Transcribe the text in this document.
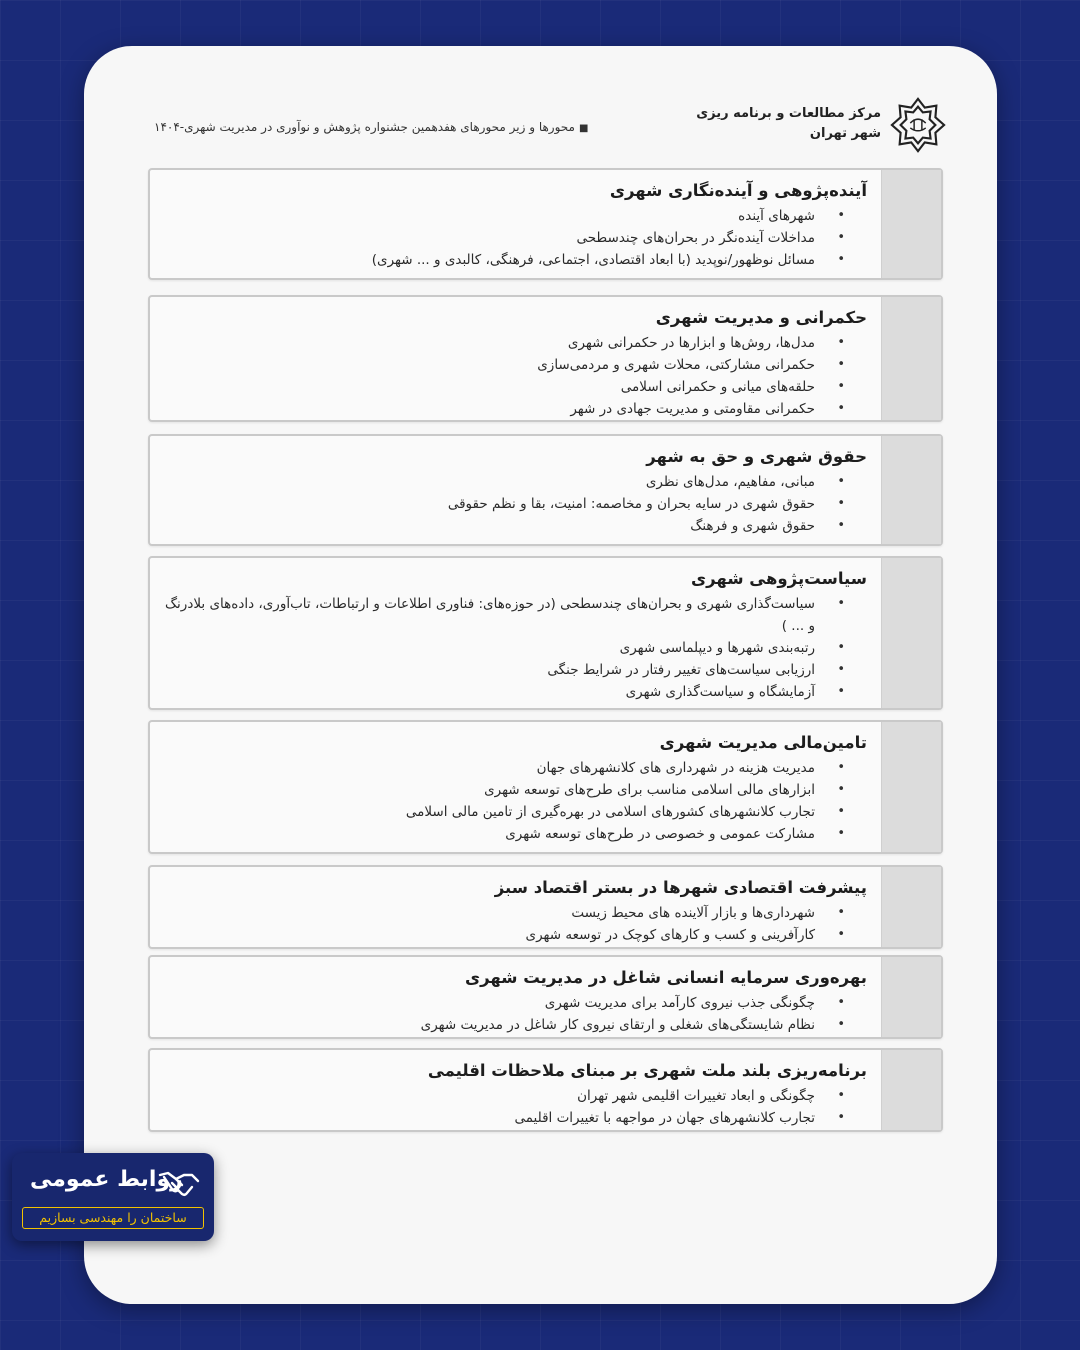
مرکز مطالعات و برنامه ریزی
شهر تهران
■محورها و زیر محورهای هفدهمین جشنواره پژوهش و نوآوری در مدیریت شهری-۱۴۰۴
آینده‌پژوهی و آینده‌نگاری شهری
•
شهرهای آینده
•
مداخلات آینده‌نگر در بحران‌های چندسطحی
•
مسائل نوظهور/نوپدید (با ابعاد اقتصادی، اجتماعی، فرهنگی، کالبدی و ... شهری)
حکمرانی و مدیریت شهری
•
مدل‌ها، روش‌ها و ابزارها در حکمرانی شهری
•
حکمرانی مشارکتی، محلات شهری و مردمی‌سازی
•
حلقه‌های میانی و حکمرانی اسلامی
•
حکمرانی مقاومتی و مدیریت جهادی در شهر
حقوق شهری و حق به شهر
•
مبانی، مفاهیم، مدل‌های نظری
•
حقوق شهری در سایه بحران و مخاصمه: امنیت، بقا و نظم حقوقی
•
حقوق شهری و فرهنگ
سیاست‌پژوهی شهری
•
سیاست‌گذاری شهری و بحران‌های چندسطحی (در حوزه‌های: فناوری اطلاعات و ارتباطات، تاب‌آوری، داده‌های بلادرنگ و ... )
•
رتبه‌بندی شهرها و دیپلماسی شهری
•
ارزیابی سیاست‌های تغییر رفتار در شرایط جنگی
•
آزمایشگاه و سیاست‌گذاری شهری
تامین‌مالی مدیریت شهری
•
مدیریت هزینه در شهرداری های کلانشهرهای جهان
•
ابزارهای مالی اسلامی مناسب برای طرح‌های توسعه شهری
•
تجارب کلانشهرهای کشورهای اسلامی در بهره‌گیری از تامین مالی اسلامی
•
مشارکت عمومی و خصوصی در طرح‌های توسعه شهری
پیشرفت اقتصادی شهرها در بستر اقتصاد سبز
•
شهرداری‌ها و بازار آلاینده های محیط زیست
•
کارآفرینی و کسب و کارهای کوچک در توسعه شهری
بهره‌وری سرمایه انسانی شاغل در مدیریت شهری
•
چگونگی جذب نیروی کارآمد برای مدیریت شهری
•
نظام شایستگی‌های شغلی و ارتقای نیروی کار شاغل در مدیریت شهری
برنامه‌ریزی بلند ملت شهری بر مبنای ملاحظات اقلیمی
•
چگونگی و ابعاد تغییرات اقلیمی شهر تهران
•
تجارب کلانشهرهای جهان در مواجهه با تغییرات اقلیمی
روابط عمومی
ساختمان را مهندسی بسازیم
